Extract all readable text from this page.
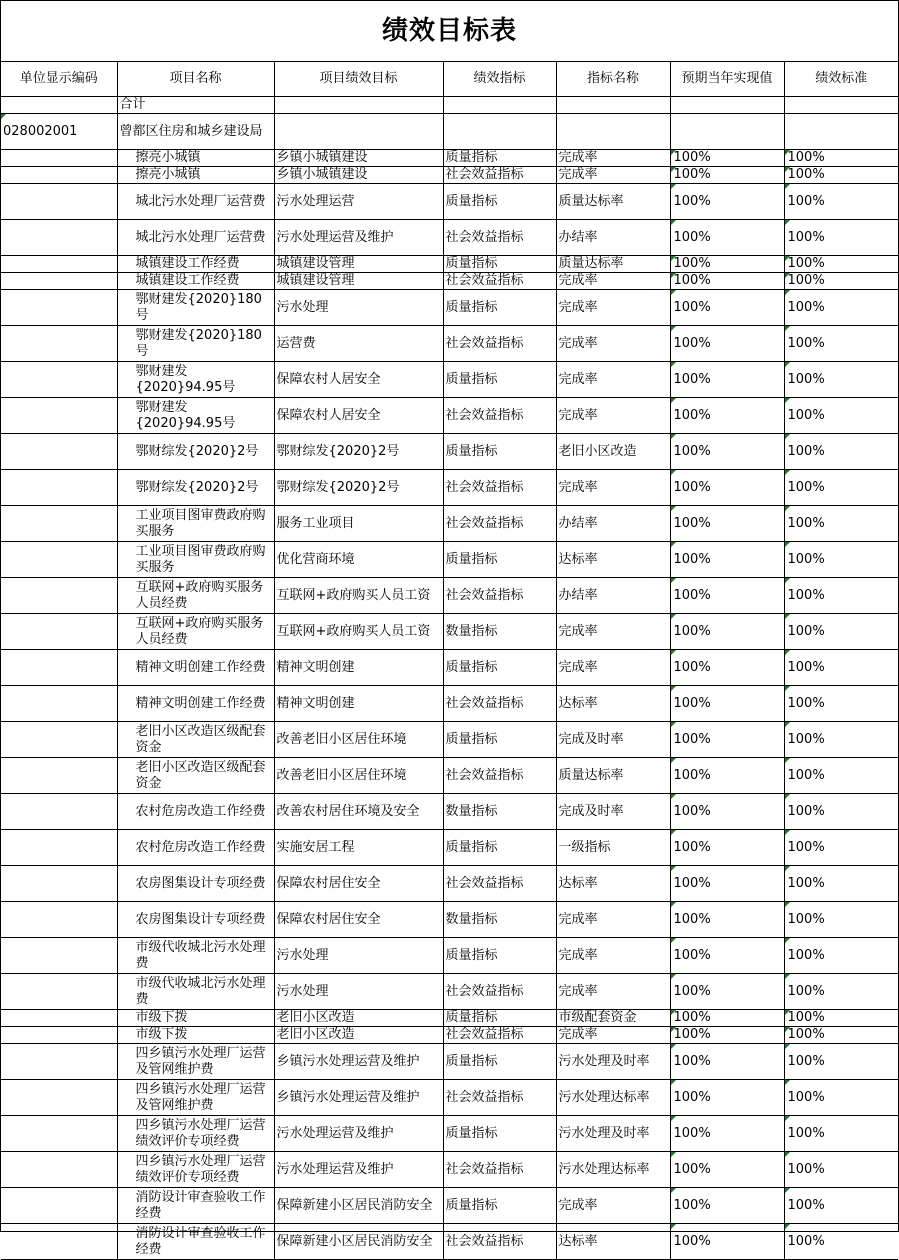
绩效目标表
单位显示编码	项目名称	项目绩效目标	绩效指标	指标名称	预期当年实现值	绩效标准
	合计					
028002001	曾都区住房和城乡建设局					
	擦亮小城镇	乡镇小城镇建设	质量指标	完成率	100%	100%
	擦亮小城镇	乡镇小城镇建设	社会效益指标	完成率	100%	100%
	城北污水处理厂运营费	污水处理运营	质量指标	质量达标率	100%	100%
	城北污水处理厂运营费	污水处理运营及维护	社会效益指标	办结率	100%	100%
	城镇建设工作经费	城镇建设管理	质量指标	质量达标率	100%	100%
	城镇建设工作经费	城镇建设管理	社会效益指标	完成率	100%	100%
	鄂财建发{2020}180号	污水处理	质量指标	完成率	100%	100%
	鄂财建发{2020}180号	运营费	社会效益指标	完成率	100%	100%
	鄂财建发{2020}94.95号	保障农村人居安全	质量指标	完成率	100%	100%
	鄂财建发{2020}94.95号	保障农村人居安全	社会效益指标	完成率	100%	100%
	鄂财综发{2020}2号	鄂财综发{2020}2号	质量指标	老旧小区改造	100%	100%
	鄂财综发{2020}2号	鄂财综发{2020}2号	社会效益指标	完成率	100%	100%
	工业项目图审费政府购买服务	服务工业项目	社会效益指标	办结率	100%	100%
	工业项目图审费政府购买服务	优化营商环境	质量指标	达标率	100%	100%
	互联网+政府购买服务人员经费	互联网+政府购买人员工资	社会效益指标	办结率	100%	100%
	互联网+政府购买服务人员经费	互联网+政府购买人员工资	数量指标	完成率	100%	100%
	精神文明创建工作经费	精神文明创建	质量指标	完成率	100%	100%
	精神文明创建工作经费	精神文明创建	社会效益指标	达标率	100%	100%
	老旧小区改造区级配套资金	改善老旧小区居住环境	质量指标	完成及时率	100%	100%
	老旧小区改造区级配套资金	改善老旧小区居住环境	社会效益指标	质量达标率	100%	100%
	农村危房改造工作经费	改善农村居住环境及安全	数量指标	完成及时率	100%	100%
	农村危房改造工作经费	实施安居工程	质量指标	一级指标	100%	100%
	农房图集设计专项经费	保障农村居住安全	社会效益指标	达标率	100%	100%
	农房图集设计专项经费	保障农村居住安全	数量指标	完成率	100%	100%
	市级代收城北污水处理费	污水处理	质量指标	完成率	100%	100%
	市级代收城北污水处理费	污水处理	社会效益指标	完成率	100%	100%
	市级下拨	老旧小区改造	质量指标	市级配套资金	100%	100%
	市级下拨	老旧小区改造	社会效益指标	完成率	100%	100%
	四乡镇污水处理厂运营及管网维护费	乡镇污水处理运营及维护	质量指标	污水处理及时率	100%	100%
	四乡镇污水处理厂运营及管网维护费	乡镇污水处理运营及维护	社会效益指标	污水处理达标率	100%	100%
	四乡镇污水处理厂运营绩效评价专项经费	污水处理运营及维护	质量指标	污水处理及时率	100%	100%
	四乡镇污水处理厂运营绩效评价专项经费	污水处理运营及维护	社会效益指标	污水处理达标率	100%	100%
	消防设计审查验收工作经费	保障新建小区居民消防安全	质量指标	完成率	100%	100%
	消防设计审查验收工作经费	保障新建小区居民消防安全	社会效益指标	达标率	100%	100%
